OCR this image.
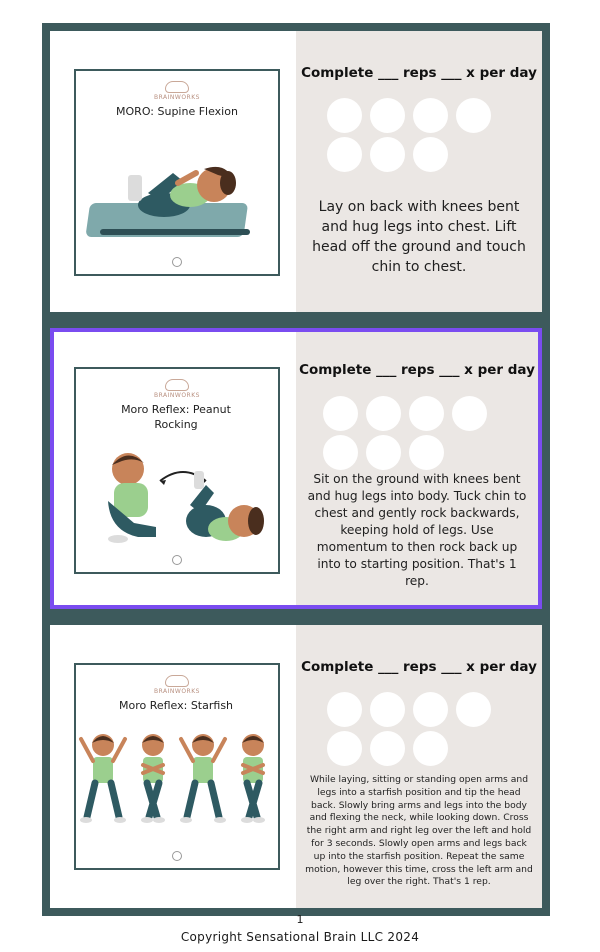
BRAINWORKS
MORO: Supine Flexion
Complete ___ reps ___ x per day
Lay on back with knees bent and hug legs into chest. Lift head off the ground and touch chin to chest.
BRAINWORKS
Moro Reflex: Peanut Rocking
Complete ___ reps ___ x per day
Sit on the ground with knees bent and hug legs into body. Tuck chin to chest and gently rock backwards, keeping hold of legs. Use momentum to then rock back up into to starting position. That's 1 rep.
BRAINWORKS
Moro Reflex: Starfish
Complete ___ reps ___ x per day
While laying, sitting or standing open arms and legs into a starfish position and tip the head back. Slowly bring arms and legs into the body and flexing the neck, while looking down. Cross the right arm and right leg over the left and hold for 3 seconds. Slowly open arms and legs back up into the starfish position. Repeat the same motion, however this time, cross the left arm and leg over the right. That's 1 rep.
1
Copyright Sensational Brain LLC 2024
